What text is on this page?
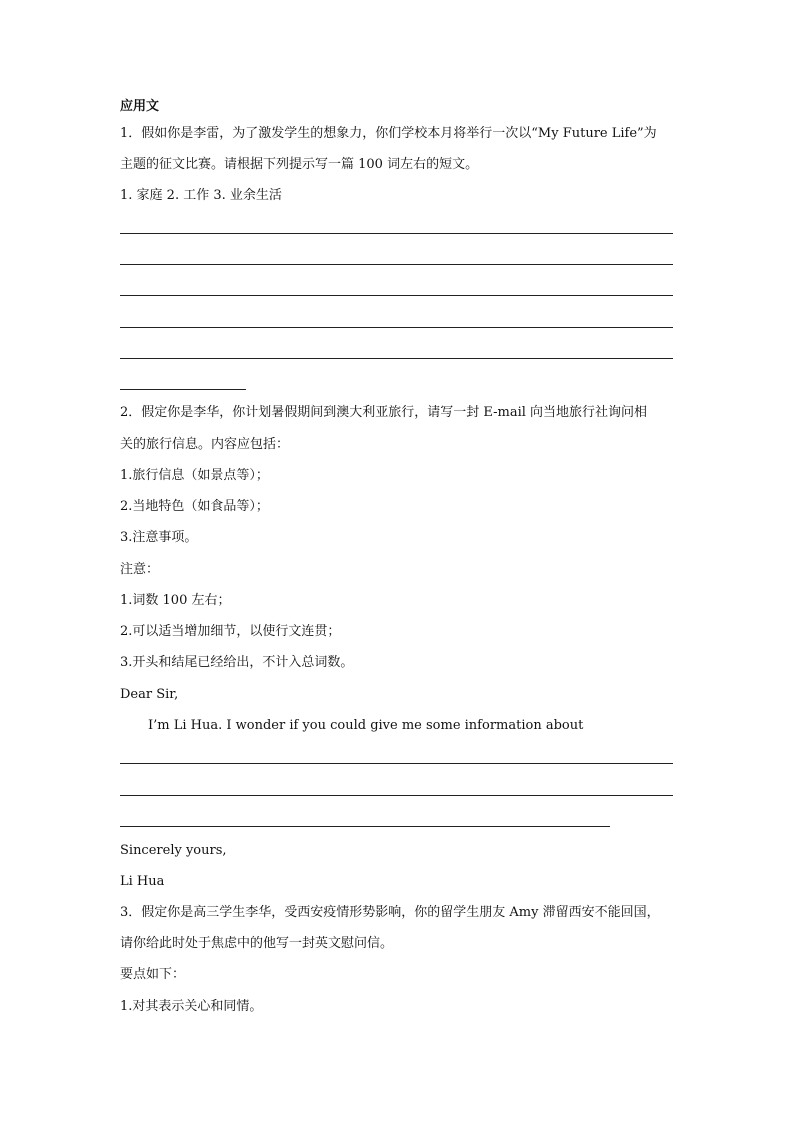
应用文
1．假如你是李雷，为了激发学生的想象力，你们学校本月将举行一次以“My Future Life”为
主题的征文比赛。请根据下列提示写一篇 100 词左右的短文。
1. 家庭 2. 工作 3. 业余生活
2．假定你是李华，你计划暑假期间到澳大利亚旅行，请写一封 E-mail 向当地旅行社询问相
关的旅行信息。内容应包括：
1.旅行信息（如景点等）；
2.当地特色（如食品等）；
3.注意事项。
注意：
1.词数 100 左右；
2.可以适当增加细节，以使行文连贯；
3.开头和结尾已经给出，不计入总词数。
Dear Sir,
I’m Li Hua. I wonder if you could give me some information about
Sincerely yours,
Li Hua
3．假定你是高三学生李华，受西安疫情形势影响，你的留学生朋友 Amy 滞留西安不能回国，
请你给此时处于焦虑中的他写一封英文慰问信。
要点如下：
1.对其表示关心和同情。
